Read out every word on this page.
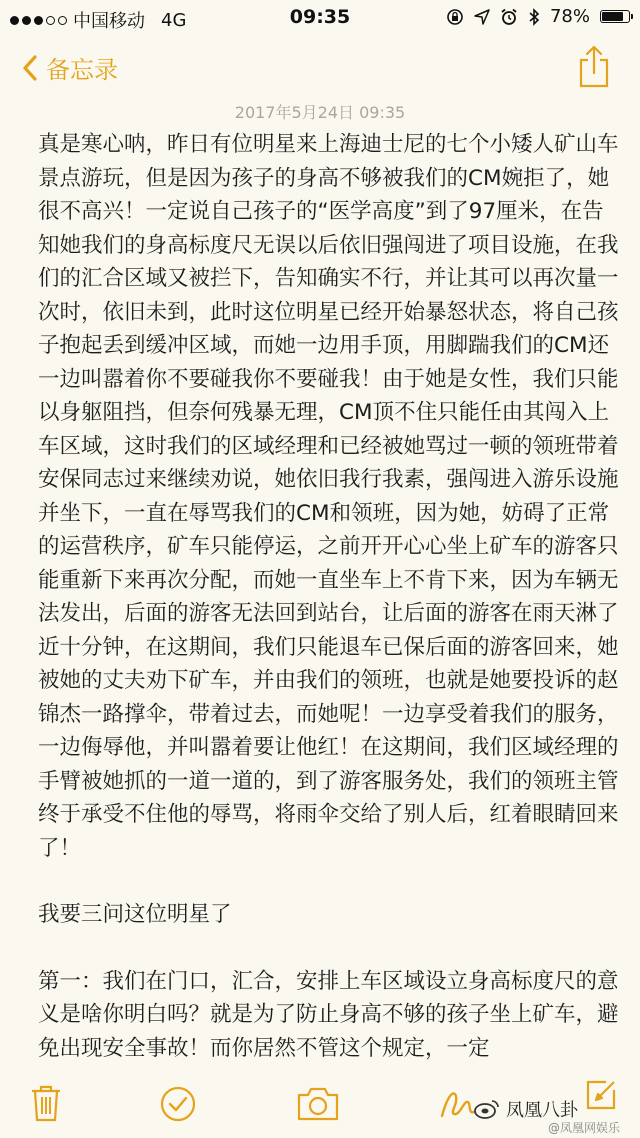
中国移动 4G	09:35	78%
备忘录
2017年5月24日 09:35

真是寒心呐，昨日有位明星来上海迪士尼的七个小矮人矿山车景点游玩，但是因为孩子的身高不够被我们的CM婉拒了，她很不高兴！一定说自己孩子的“医学高度”到了97厘米，在告知她我们的身高标度尺无误以后依旧强闯进了项目设施，在我们的汇合区域又被拦下，告知确实不行，并让其可以再次量一次时，依旧未到，此时这位明星已经开始暴怒状态，将自己孩子抱起丢到缓冲区域，而她一边用手顶，用脚踹我们的CM还一边叫嚣着你不要碰我你不要碰我！由于她是女性，我们只能以身躯阻挡，但奈何残暴无理，CM顶不住只能任由其闯入上车区域，这时我们的区域经理和已经被她骂过一顿的领班带着安保同志过来继续劝说，她依旧我行我素，强闯进入游乐设施并坐下，一直在辱骂我们的CM和领班，因为她，妨碍了正常的运营秩序，矿车只能停运，之前开开心心坐上矿车的游客只能重新下来再次分配，而她一直坐车上不肯下来，因为车辆无法发出，后面的游客无法回到站台，让后面的游客在雨天淋了近十分钟，在这期间，我们只能退车已保后面的游客回来，她被她的丈夫劝下矿车，并由我们的领班，也就是她要投诉的赵锦杰一路撑伞，带着过去，而她呢！一边享受着我们的服务，一边侮辱他，并叫嚣着要让他红！在这期间，我们区域经理的手臂被她抓的一道一道的，到了游客服务处，我们的领班主管终于承受不住他的辱骂，将雨伞交给了别人后，红着眼睛回来了！

我要三问这位明星了

第一：我们在门口，汇合，安排上车区域设立身高标度尺的意义是啥你明白吗？就是为了防止身高不够的孩子坐上矿车，避免出现安全事故！而你居然不管这个规定，一定

凤凰八卦
@凤凰网娱乐
